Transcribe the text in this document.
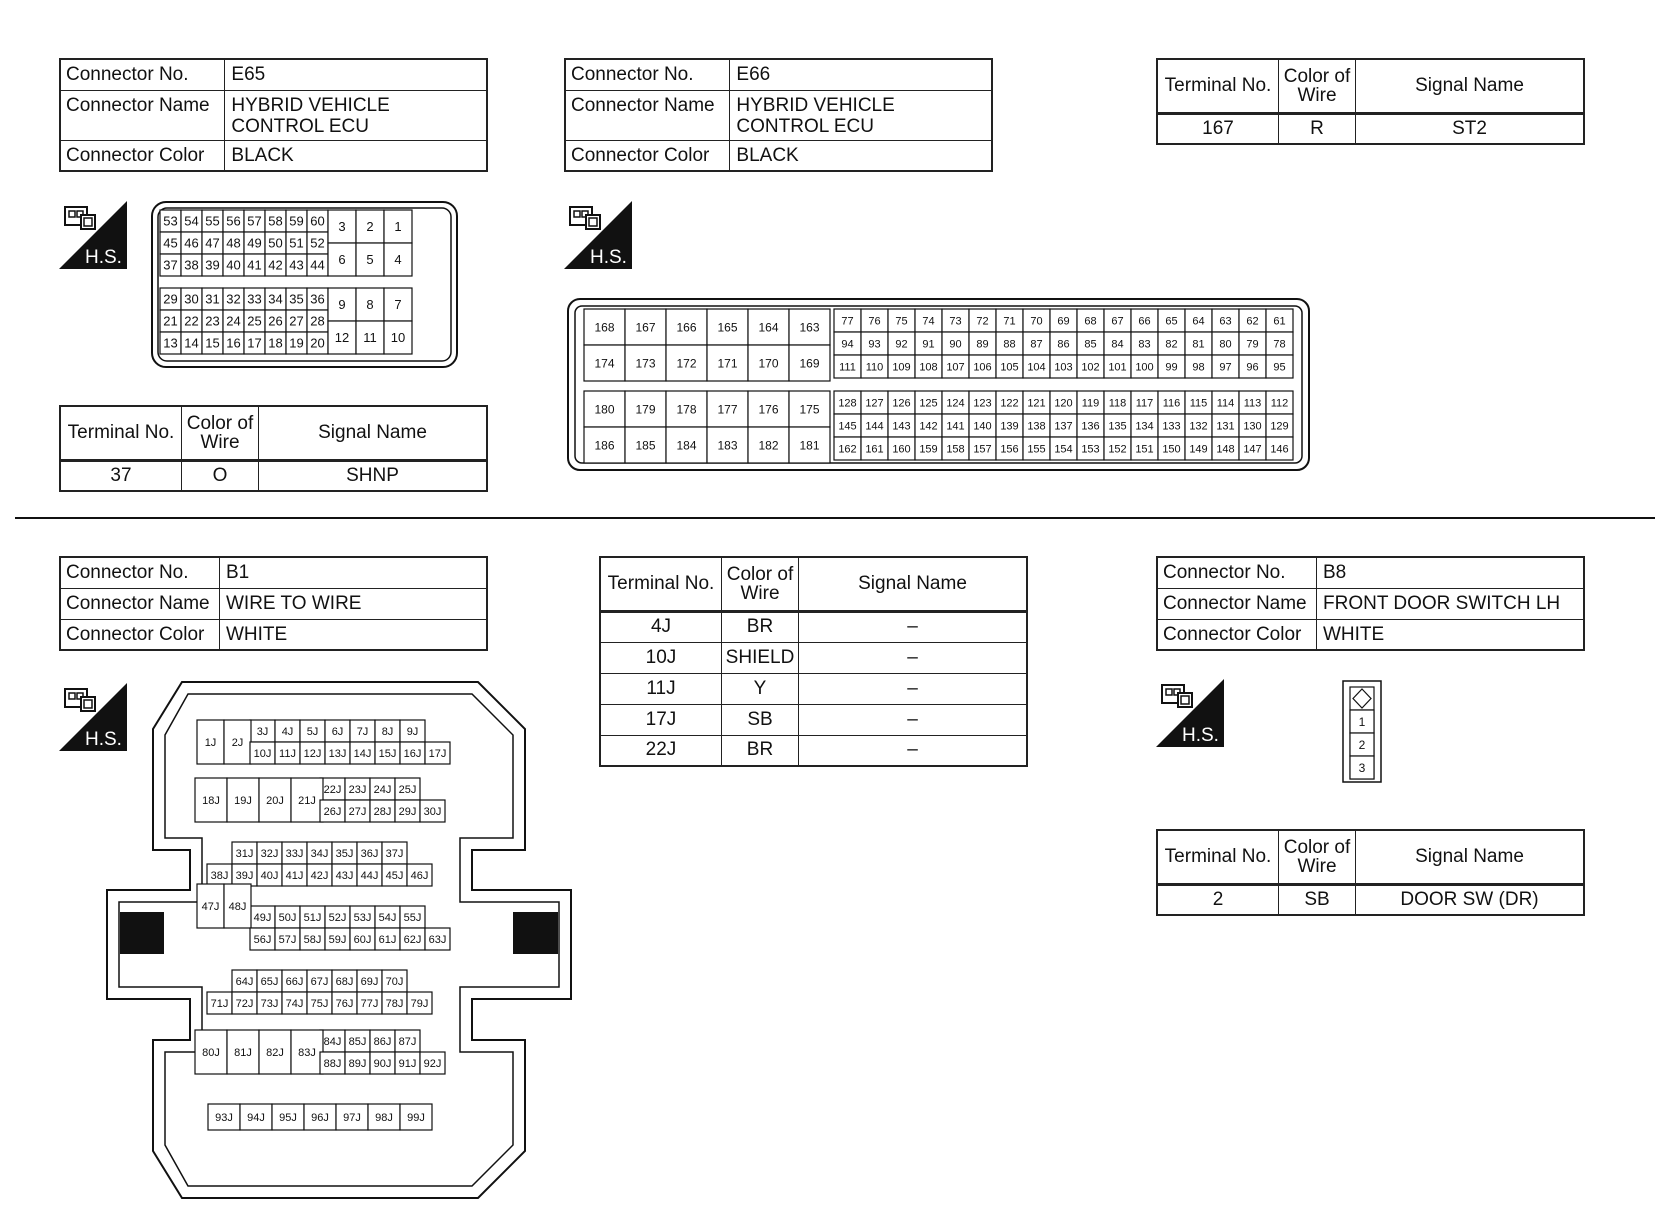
Connector No.	E65
Connector Name	HYBRID VEHICLE CONTROL ECU
Connector Color	BLACK
H.S.
53 54 55 56 57 58 59 60
45 46 47 48 49 50 51 52
37 38 39 40 41 42 43 44
29 30 31 32 33 34 35 36
21 22 23 24 25 26 27 28
13 14 15 16 17 18 19 20
3 2 1
6 5 4
9 8 7
12 11 10
Terminal No.	Color of Wire	Signal Name
37	O	SHNP
Connector No.	E66
Connector Name	HYBRID VEHICLE CONTROL ECU
Connector Color	BLACK
H.S.
168 167 166 165 164 163
174 173 172 171 170 169
180 179 178 177 176 175
186 185 184 183 182 181
77 76 75 74 73 72 71 70 69 68 67 66 65 64 63 62 61
94 93 92 91 90 89 88 87 86 85 84 83 82 81 80 79 78
111 110 109 108 107 106 105 104 103 102 101 100 99 98 97 96 95
128 127 126 125 124 123 122 121 120 119 118 117 116 115 114 113 112
145 144 143 142 141 140 139 138 137 136 135 134 133 132 131 130 129
162 161 160 159 158 157 156 155 154 153 152 151 150 149 148 147 146
Terminal No.	Color of Wire	Signal Name
167	R	ST2
Connector No.	B1
Connector Name	WIRE TO WIRE
Connector Color	WHITE
H.S.	3J 4J 5J 6J 7J 8J 9J
1J 2J
10J 11J 12J 13J 14J 15J 16J 17J
22J 23J 24J 25J
18J 19J 20J 21J
26J 27J 28J 29J 30J
31J 32J 33J 34J 35J 36J 37J
38J 39J 40J 41J 42J 43J 44J 45J 46J
49J 50J 51J 52J 53J 54J 55J
47J 48J
56J 57J 58J 59J 60J 61J 62J 63J
64J 65J 66J 67J 68J 69J 70J
71J 72J 73J 74J 75J 76J 77J 78J 79J
84J 85J 86J 87J
80J 81J 82J 83J
88J 89J 90J 91J 92J
93J 94J 95J 96J 97J 98J 99J
Terminal No.	Color of Wire	Signal Name
4J	BR	–
10J	SHIELD	–
11J	Y	–
17J	SB	–
22J	BR	–
Connector No.	B8
Connector Name	FRONT DOOR SWITCH LH
Connector Color	WHITE
H.S.
1
2
3
Terminal No.	Color of Wire	Signal Name
2	SB	DOOR SW (DR)
